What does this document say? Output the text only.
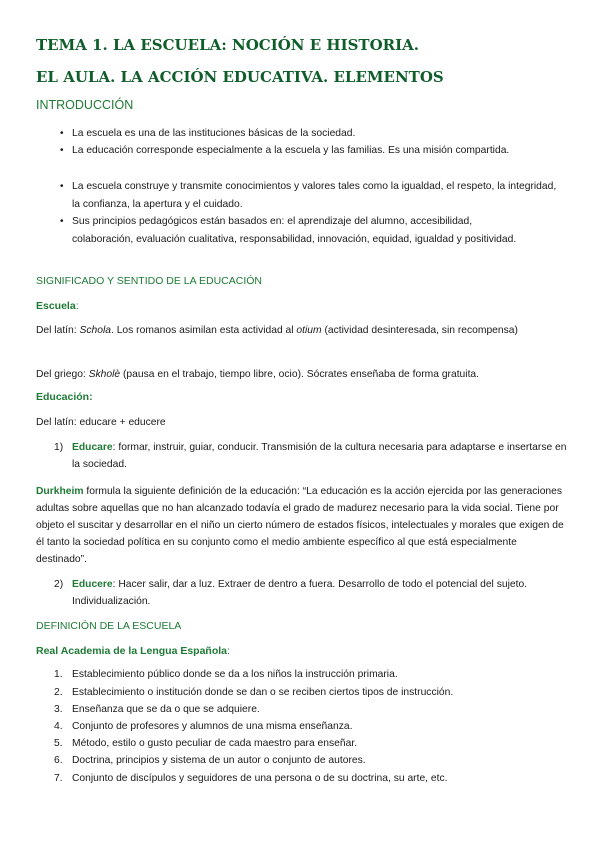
TEMA 1. LA ESCUELA: NOCIÓN E HISTORIA.
EL AULA. LA ACCIÓN EDUCATIVA. ELEMENTOS
INTRODUCCIÓN
• La escuela es una de las instituciones básicas de la sociedad.
• La educación corresponde especialmente a la escuela y las familias. Es una misión compartida.
• La escuela construye y transmite conocimientos y valores tales como la igualdad, el respeto, la integridad, la confianza, la apertura y el cuidado.
• Sus principios pedagógicos están basados en: el aprendizaje del alumno, accesibilidad, colaboración, evaluación cualitativa, responsabilidad, innovación, equidad, igualdad y positividad.
SIGNIFICADO Y SENTIDO DE LA EDUCACIÓN
Escuela:
Del latín: Schola. Los romanos asimilan esta actividad al otium (actividad desinteresada, sin recompensa)
Del griego: Skholè (pausa en el trabajo, tiempo libre, ocio). Sócrates enseñaba de forma gratuita.
Educación:
Del latín: educare + educere
1) Educare: formar, instruir, guiar, conducir. Transmisión de la cultura necesaria para adaptarse e insertarse en la sociedad.
Durkheim formula la siguiente definición de la educación: “La educación es la acción ejercida por las generaciones adultas sobre aquellas que no han alcanzado todavía el grado de madurez necesario para la vida social. Tiene por objeto el suscitar y desarrollar en el niño un cierto número de estados físicos, intelectuales y morales que exigen de él tanto la sociedad política en su conjunto como el medio ambiente específico al que está especialmente destinado”.
2) Educere: Hacer salir, dar a luz. Extraer de dentro a fuera. Desarrollo de todo el potencial del sujeto. Individualización.
DEFINICIÓN DE LA ESCUELA
Real Academia de la Lengua Española:
1. Establecimiento público donde se da a los niños la instrucción primaria.
2. Establecimiento o institución donde se dan o se reciben ciertos tipos de instrucción.
3. Enseñanza que se da o que se adquiere.
4. Conjunto de profesores y alumnos de una misma enseñanza.
5. Método, estilo o gusto peculiar de cada maestro para enseñar.
6. Doctrina, principios y sistema de un autor o conjunto de autores.
7. Conjunto de discípulos y seguidores de una persona o de su doctrina, su arte, etc.
